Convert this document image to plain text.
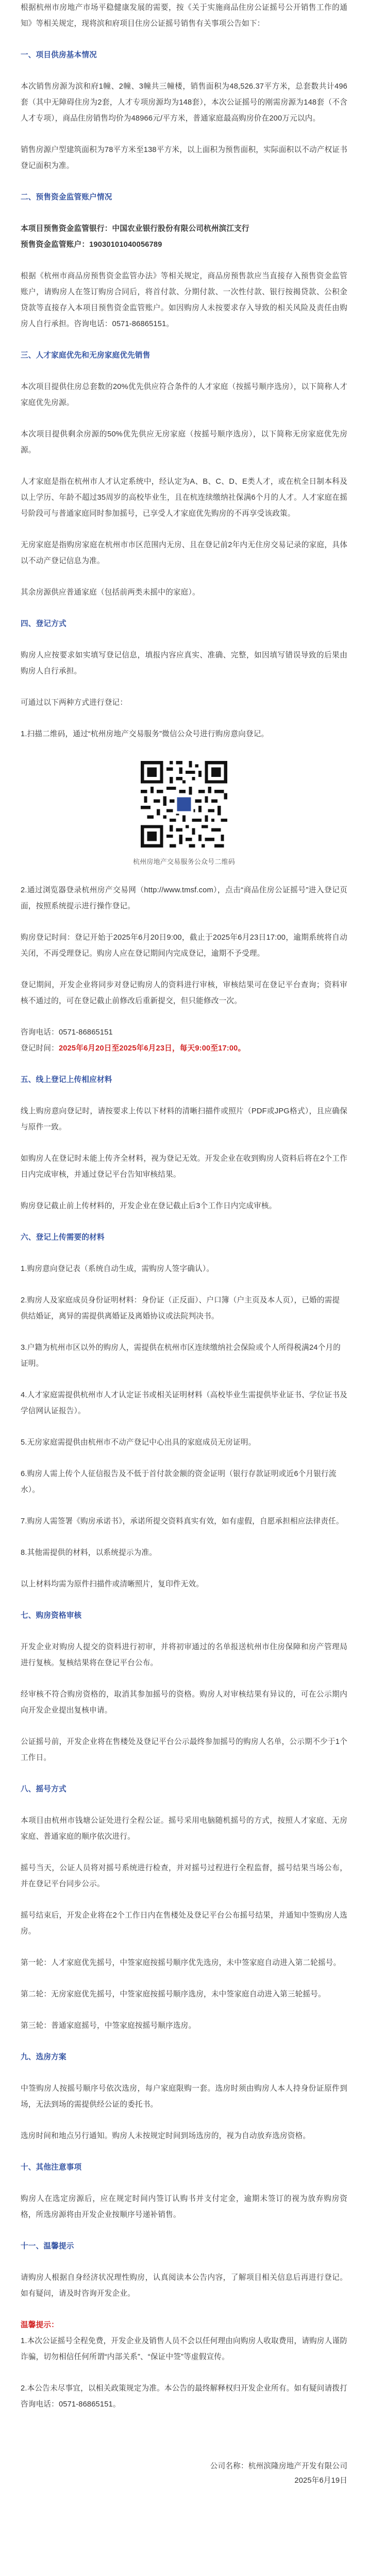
根据杭州市房地产市场平稳健康发展的需要，按《关于实施商品住房公证摇号公开销售工作的通知》等相关规定，现将滨和府项目住房公证摇号销售有关事项公告如下：

一、项目供房基本情况

本次销售房源为滨和府1幢、2幢、3幢共三幢楼，销售面积为48,526.37平方米，总套数共计496套（其中无障碍住房为2套，人才专项房源均为148套），本次公证摇号的刚需房源为148套（不含人才专项），商品住房销售均价为48966元/平方米，普通家庭最高购房价在200万元以内。

销售房源户型建筑面积为78平方米至138平方米，以上面积为预售面积，实际面积以不动产权证书登记面积为准。

二、预售资金监管账户情况

本项目预售资金监管银行：中国农业银行股份有限公司杭州滨江支行

预售资金监管账户：19030101040056789

根据《杭州市商品房预售资金监管办法》等相关规定，商品房预售款应当直接存入预售资金监管账户，请购房人在签订购房合同后，将首付款、分期付款、一次性付款、银行按揭贷款、公积金贷款等直接存入本项目预售资金监管账户。如因购房人未按要求存入导致的相关风险及责任由购房人自行承担。咨询电话：0571-86865151。

三、人才家庭优先和无房家庭优先销售

本次项目提供住房总套数的20%优先供应符合条件的人才家庭（按摇号顺序选房），以下简称人才家庭优先房源。

本次项目提供剩余房源的50%优先供应无房家庭（按摇号顺序选房），以下简称无房家庭优先房源。

人才家庭是指在杭州市人才认定系统中，经认定为A、B、C、D、E类人才，或在杭全日制本科及以上学历、年龄不超过35周岁的高校毕业生，且在杭连续缴纳社保满6个月的人才。人才家庭在摇号阶段可与普通家庭同时参加摇号，已享受人才家庭优先购房的不再享受该政策。

无房家庭是指购房家庭在杭州市市区范围内无房、且在登记前2年内无住房交易记录的家庭，具体以不动产登记信息为准。

其余房源供应普通家庭（包括前两类未摇中的家庭）。

四、登记方式

购房人应按要求如实填写登记信息，填报内容应真实、准确、完整，如因填写错误导致的后果由购房人自行承担。

可通过以下两种方式进行登记：

1.扫描二维码，通过“杭州房地产交易服务”微信公众号进行购房意向登记。

杭州房地产交易服务公众号二维码

2.通过浏览器登录杭州房产交易网（http://www.tmsf.com），点击“商品住房公证摇号”进入登记页面，按照系统提示进行操作登记。

购房登记时间：登记开始于2025年6月20日9:00，截止于2025年6月23日17:00，逾期系统将自动关闭，不再受理登记。购房人应在登记期间内完成登记，逾期不予受理。

登记期间，开发企业将同步对登记购房人的资料进行审核，审核结果可在登记平台查询；资料审核不通过的，可在登记截止前修改后重新提交，但只能修改一次。

咨询电话：0571-86865151

登记时间：2025年6月20日至2025年6月23日，每天9:00至17:00。

五、线上登记上传相应材料

线上购房意向登记时，请按要求上传以下材料的清晰扫描件或照片（PDF或JPG格式），且应确保与原件一致。

如购房人在登记时未能上传齐全材料，视为登记无效。开发企业在收到购房人资料后将在2个工作日内完成审核，并通过登记平台告知审核结果。

购房登记截止前上传材料的，开发企业在登记截止后3个工作日内完成审核。

六、登记上传需要的材料

1.购房意向登记表（系统自动生成，需购房人签字确认）。

2.购房人及家庭成员身份证明材料：身份证（正反面）、户口簿（户主页及本人页），已婚的需提供结婚证，离异的需提供离婚证及离婚协议或法院判决书。

3.户籍为杭州市区以外的购房人，需提供在杭州市区连续缴纳社会保险或个人所得税满24个月的证明。

4.人才家庭需提供杭州市人才认定证书或相关证明材料（高校毕业生需提供毕业证书、学位证书及学信网认证报告）。

5.无房家庭需提供由杭州市不动产登记中心出具的家庭成员无房证明。

6.购房人需上传个人征信报告及不低于首付款金额的资金证明（银行存款证明或近6个月银行流水）。

7.购房人需签署《购房承诺书》，承诺所提交资料真实有效，如有虚假，自愿承担相应法律责任。

8.其他需提供的材料，以系统提示为准。

以上材料均需为原件扫描件或清晰照片，复印件无效。

七、购房资格审核

开发企业对购房人提交的资料进行初审，并将初审通过的名单报送杭州市住房保障和房产管理局进行复核。复核结果将在登记平台公布。

经审核不符合购房资格的，取消其参加摇号的资格。购房人对审核结果有异议的，可在公示期内向开发企业提出复核申请。

公证摇号前，开发企业将在售楼处及登记平台公示最终参加摇号的购房人名单，公示期不少于1个工作日。

八、摇号方式

本项目由杭州市钱塘公证处进行全程公证。摇号采用电脑随机摇号的方式，按照人才家庭、无房家庭、普通家庭的顺序依次进行。

摇号当天，公证人员将对摇号系统进行检查，并对摇号过程进行全程监督，摇号结果当场公布，并在登记平台同步公示。

摇号结束后，开发企业将在2个工作日内在售楼处及登记平台公布摇号结果，并通知中签购房人选房。

第一轮：人才家庭优先摇号，中签家庭按摇号顺序优先选房，未中签家庭自动进入第二轮摇号。

第二轮：无房家庭优先摇号，中签家庭按摇号顺序选房，未中签家庭自动进入第三轮摇号。

第三轮：普通家庭摇号，中签家庭按摇号顺序选房。

九、选房方案

中签购房人按摇号顺序号依次选房，每户家庭限购一套。选房时须由购房人本人持身份证原件到场，无法到场的需提供经公证的委托书。

选房时间和地点另行通知。购房人未按规定时间到场选房的，视为自动放弃选房资格。

十、其他注意事项

购房人在选定房源后，应在规定时间内签订认购书并支付定金，逾期未签订的视为放弃购房资格，所选房源将由开发企业按顺序号递补销售。

十一、温馨提示

请购房人根据自身经济状况理性购房，认真阅读本公告内容，了解项目相关信息后再进行登记。如有疑问，请及时咨询开发企业。

温馨提示：

1.本次公证摇号全程免费，开发企业及销售人员不会以任何理由向购房人收取费用，请购房人谨防诈骗，切勿相信任何所谓“内部关系”、“保证中签”等虚假宣传。

2.本公告未尽事宜，以相关政策规定为准。本公告的最终解释权归开发企业所有。如有疑问请拨打咨询电话：0571-86865151。

公司名称：杭州滨隆房地产开发有限公司

2025年6月19日
